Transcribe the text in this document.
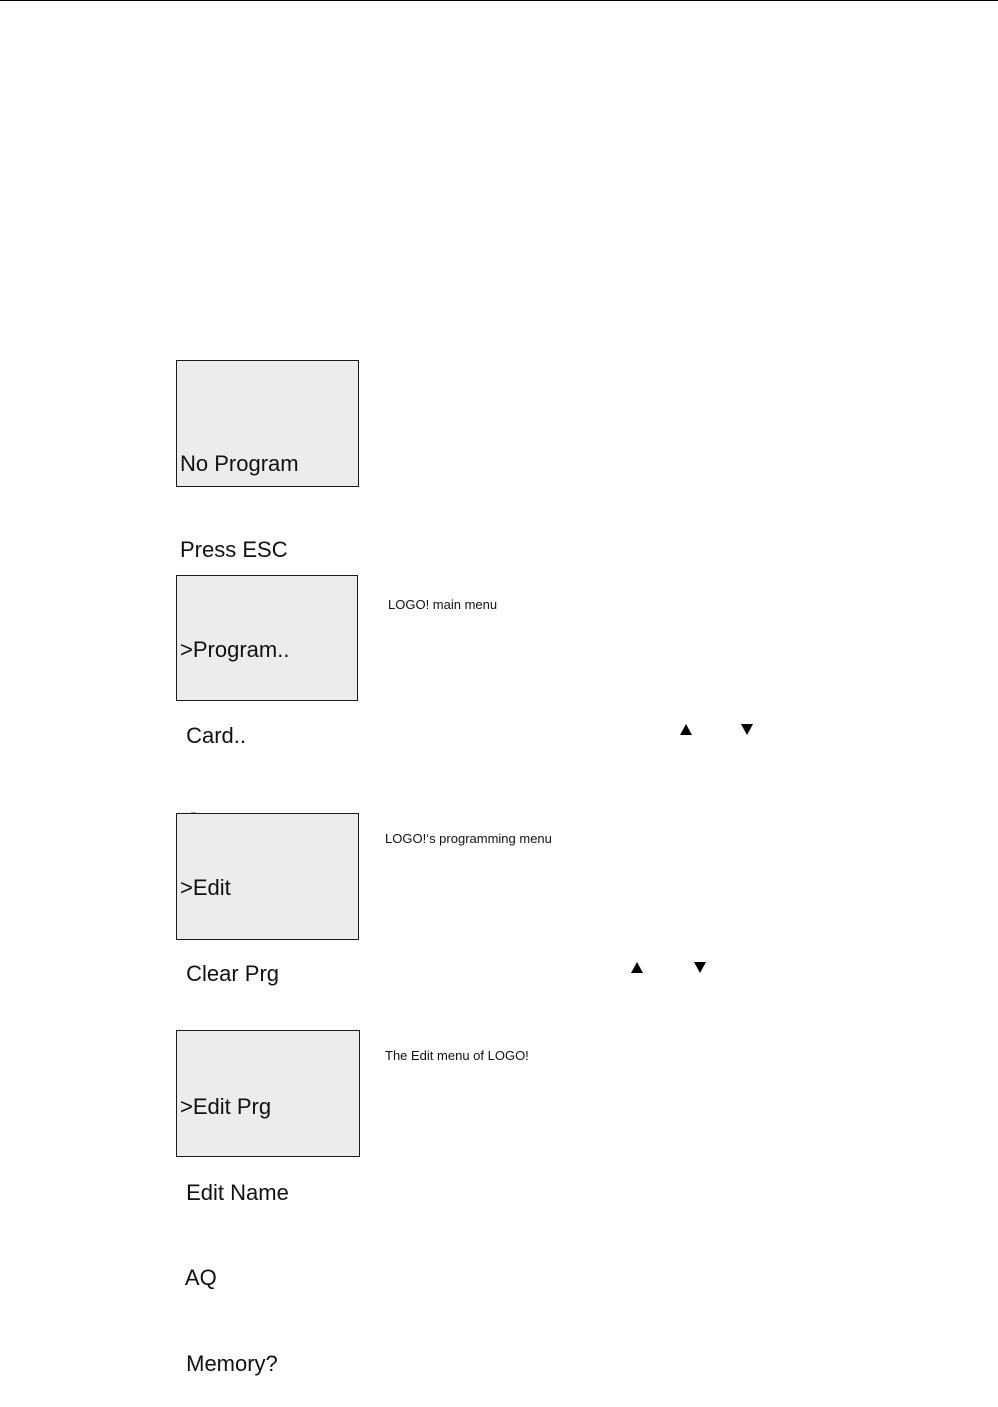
No Program

Press ESC

>Program..

Card..

LOGO! main menu

>Edit

Clear Prg

LOGO!‘s programming menu

>Edit Prg

Edit Name

AQ

Memory?

The Edit menu of LOGO!
